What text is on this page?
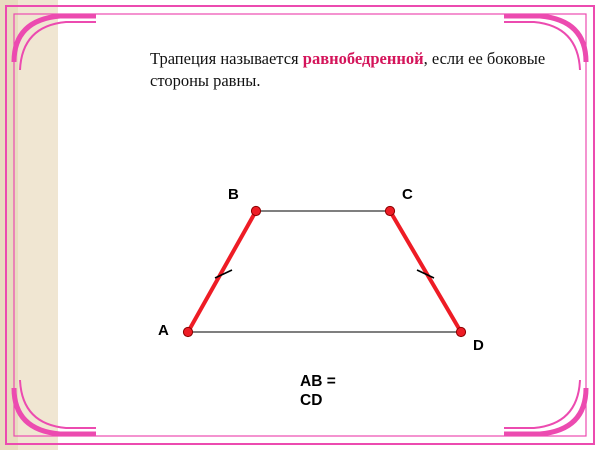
Трапеция называется равнобедренной, если ее боковые стороны равны.
A
B	C
D
AB =
CD
